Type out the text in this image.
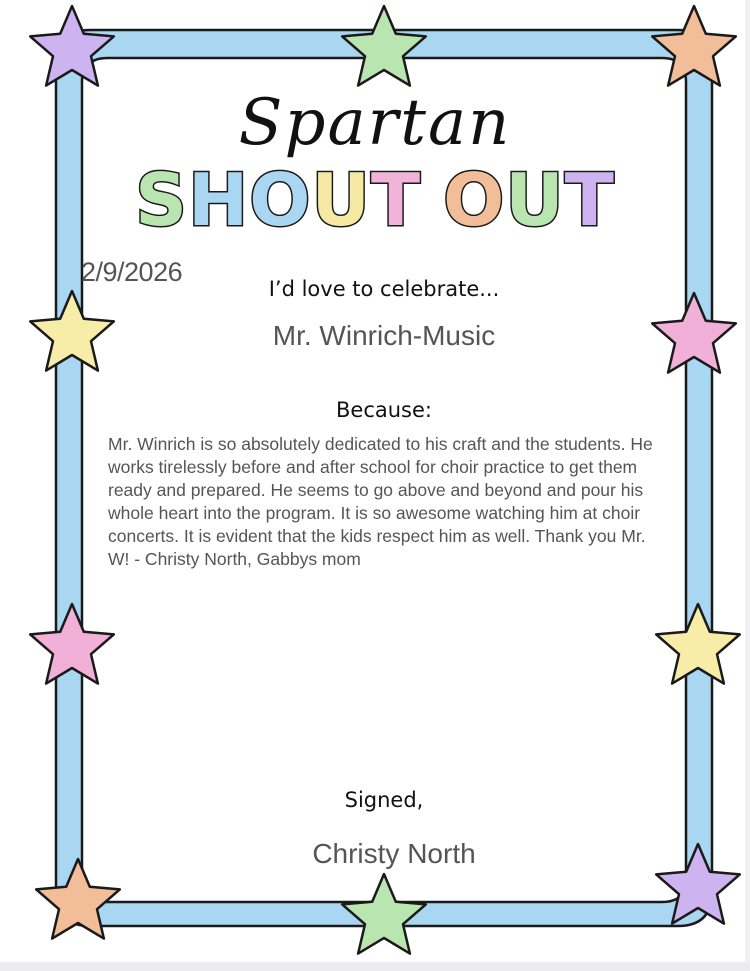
Spartan
SHOUT OUT
2/9/2026
I’d love to celebrate...
Mr. Winrich-Music
Because:
Mr. Winrich is so absolutely dedicated to his craft and the students. He works tirelessly before and after school for choir practice to get them ready and prepared. He seems to go above and beyond and pour his whole heart into the program. It is so awesome watching him at choir concerts. It is evident that the kids respect him as well. Thank you Mr. W! - Christy North, Gabbys mom
Signed,
Christy North
